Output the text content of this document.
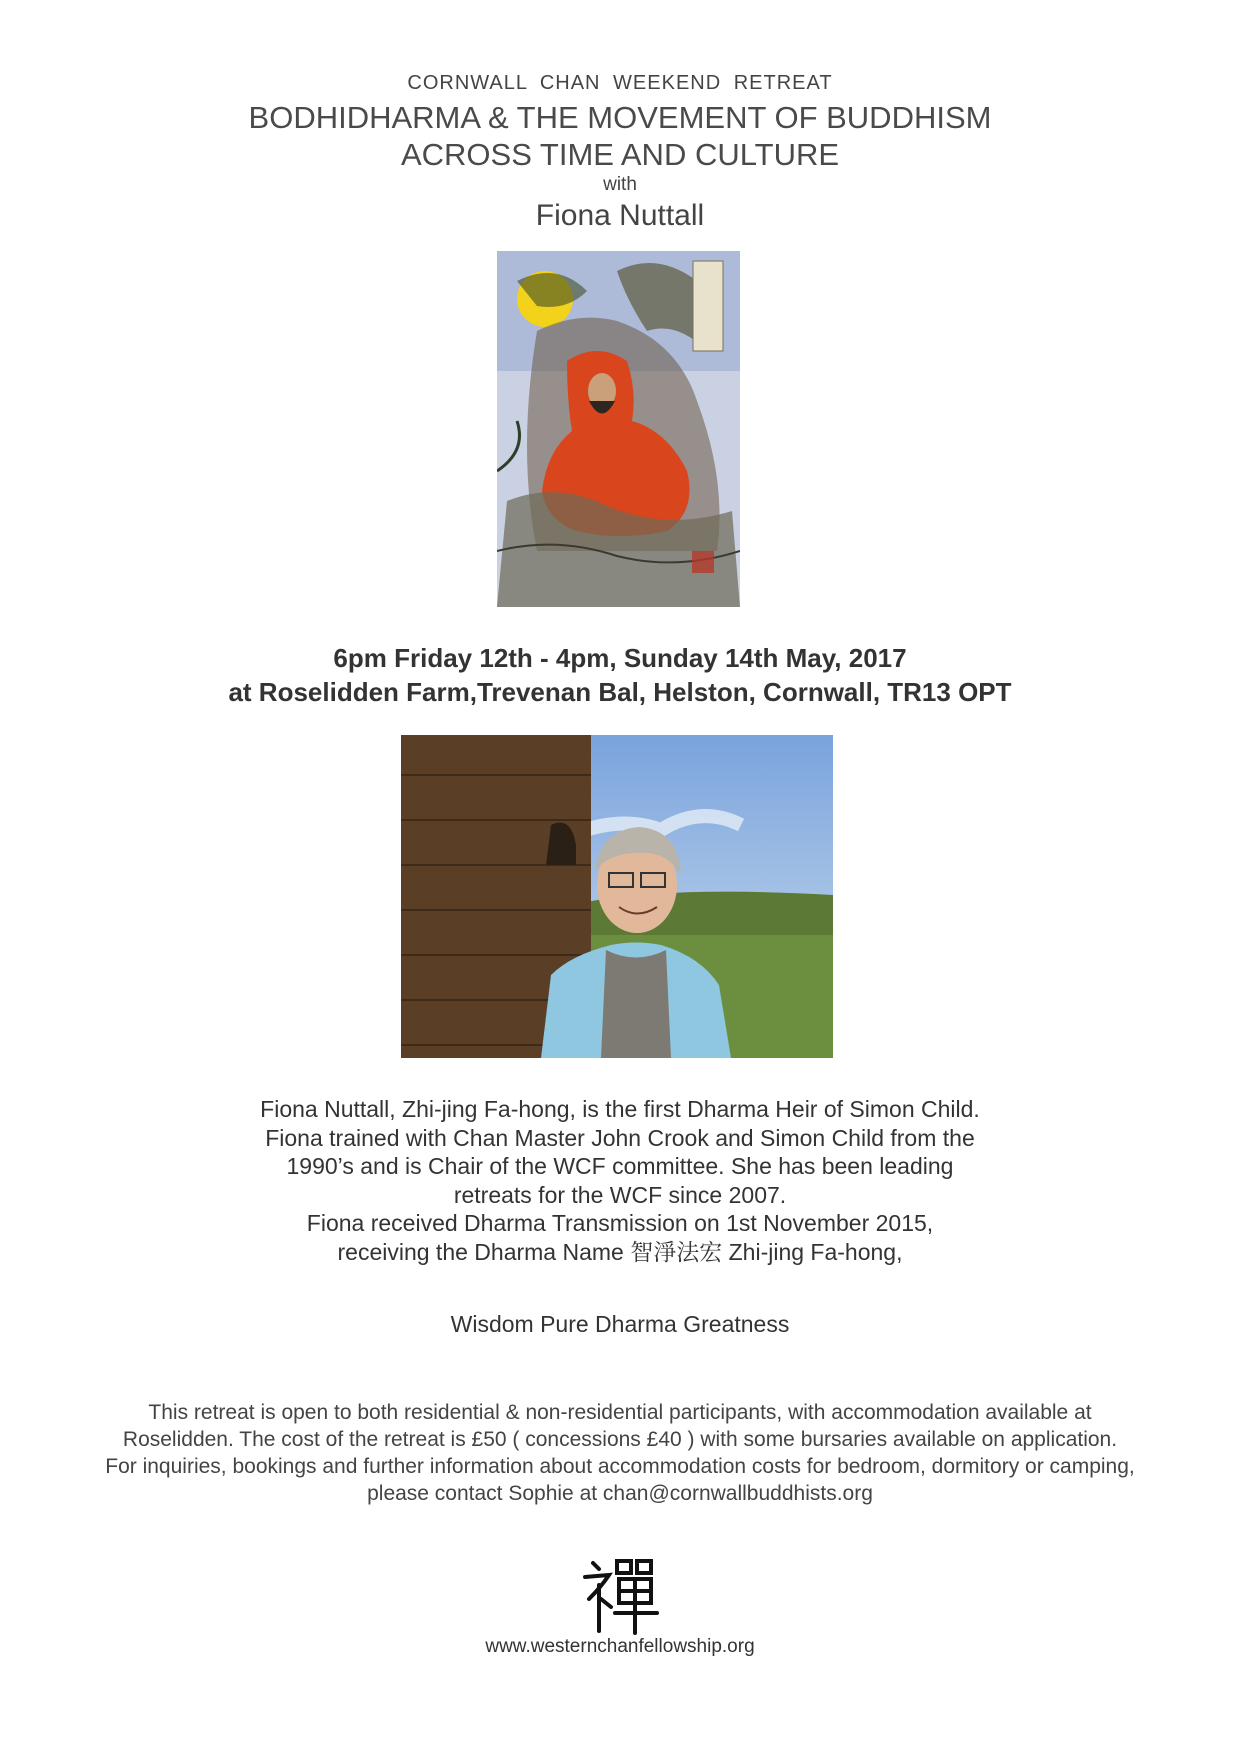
CORNWALL CHAN WEEKEND RETREAT
BODHIDHARMA & THE MOVEMENT OF BUDDHISM
ACROSS TIME AND CULTURE
with
Fiona Nuttall
6pm Friday 12th - 4pm, Sunday 14th May, 2017
at Roselidden Farm,Trevenan Bal, Helston, Cornwall, TR13 OPT

Fiona Nuttall, Zhi-jing Fa-hong, is the first Dharma Heir of Simon Child. Fiona trained with Chan Master John Crook and Simon Child from the 1990’s and is Chair of the WCF committee. She has been leading retreats for the WCF since 2007.

Fiona received Dharma Transmission on 1st November 2015, receiving the Dharma Name 智淨法宏 Zhi-jing Fa-hong,

Wisdom Pure Dharma Greatness

This retreat is open to both residential & non-residential participants, with accommodation available at Roselidden. The cost of the retreat is £50 ( concessions £40 ) with some bursaries available on application.

For inquiries, bookings and further information about accommodation costs for bedroom, dormitory or camping, please contact Sophie at chan@cornwallbuddhists.org

www.westernchanfellowship.org
